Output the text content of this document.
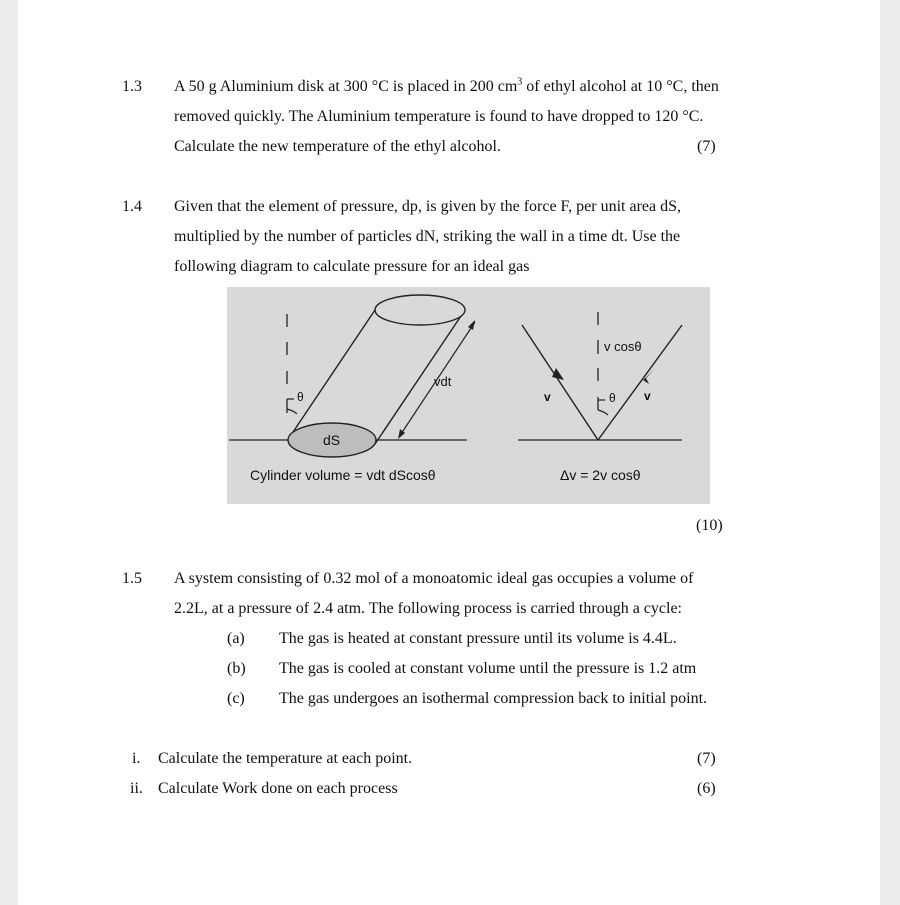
1.3 A 50 g Aluminium disk at 300 °C is placed in 200 $cm^3$ of ethyl alcohol at 10 °C, then
removed quickly. The Aluminium temperature is found to have dropped to 120 °C.
Calculate the new temperature of the ethyl alcohol.	(7)
1.4 Given that the element of pressure, dp, is given by the force F, per unit area dS,
multiplied by the number of particles dN, striking the wall in a time dt. Use the
following diagram to calculate pressure for an ideal gas
θ
vdt
dS
Cylinder volume = vdt dScosθ
v cosθ
θ
v	v
Δv = 2v cosθ
(10)
1.5 A system consisting of 0.32 mol of a monoatomic ideal gas occupies a volume of
2.2L, at a pressure of 2.4 atm. The following process is carried through a cycle:
(a) The gas is heated at constant pressure until its volume is 4.4L.
(b) The gas is cooled at constant volume until the pressure is 1.2 atm
(c) The gas undergoes an isothermal compression back to initial point.
i. Calculate the temperature at each point.	(7)
ii. Calculate Work done on each process	(6)
